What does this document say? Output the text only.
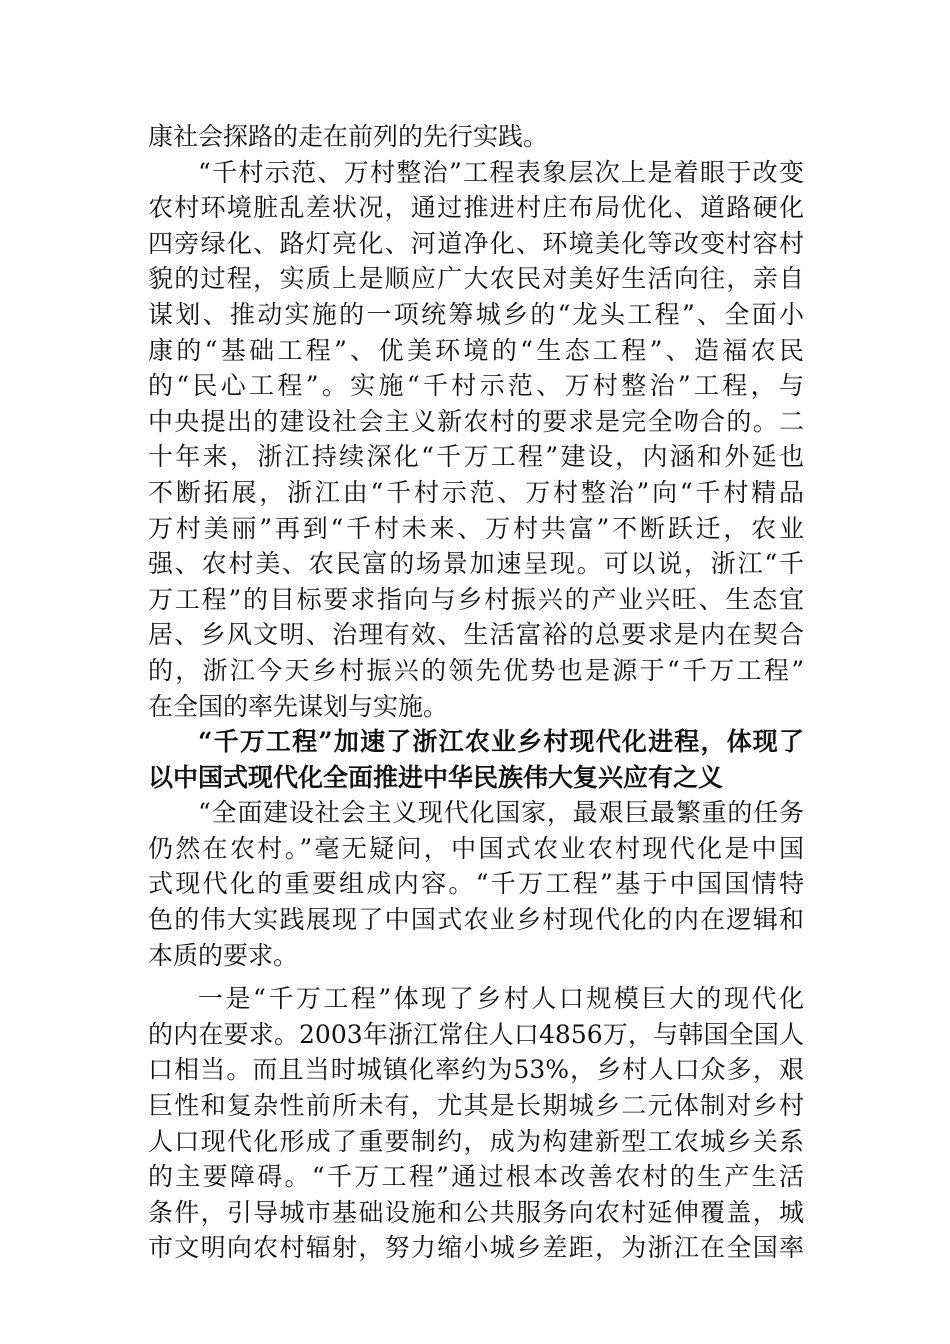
康社会探路的走在前列的先行实践。
“千村示范、万村整治”工程表象层次上是着眼于改变
农村环境脏乱差状况，通过推进村庄布局优化、道路硬化
四旁绿化、路灯亮化、河道净化、环境美化等改变村容村
貌的过程，实质上是顺应广大农民对美好生活向往，亲自
谋划、推动实施的一项统筹城乡的“龙头工程”、全面小
康的“基础工程”、优美环境的“生态工程”、造福农民
的“民心工程”。实施“千村示范、万村整治”工程，与
中央提出的建设社会主义新农村的要求是完全吻合的。二
十年来，浙江持续深化“千万工程”建设，内涵和外延也
不断拓展，浙江由“千村示范、万村整治”向“千村精品
万村美丽”再到“千村未来、万村共富”不断跃迁，农业
强、农村美、农民富的场景加速呈现。可以说，浙江“千
万工程”的目标要求指向与乡村振兴的产业兴旺、生态宜
居、乡风文明、治理有效、生活富裕的总要求是内在契合
的，浙江今天乡村振兴的领先优势也是源于“千万工程”
在全国的率先谋划与实施。
“千万工程”加速了浙江农业乡村现代化进程，体现了
以中国式现代化全面推进中华民族伟大复兴应有之义
“全面建设社会主义现代化国家，最艰巨最繁重的任务
仍然在农村。”毫无疑问，中国式农业农村现代化是中国
式现代化的重要组成内容。“千万工程”基于中国国情特
色的伟大实践展现了中国式农业乡村现代化的内在逻辑和
本质的要求。
一是“千万工程”体现了乡村人口规模巨大的现代化
的内在要求。2003年浙江常住人口4856万，与韩国全国人
口相当。而且当时城镇化率约为53%，乡村人口众多，艰
巨性和复杂性前所未有，尤其是长期城乡二元体制对乡村
人口现代化形成了重要制约，成为构建新型工农城乡关系
的主要障碍。“千万工程”通过根本改善农村的生产生活
条件，引导城市基础设施和公共服务向农村延伸覆盖，城
市文明向农村辐射，努力缩小城乡差距，为浙江在全国率
